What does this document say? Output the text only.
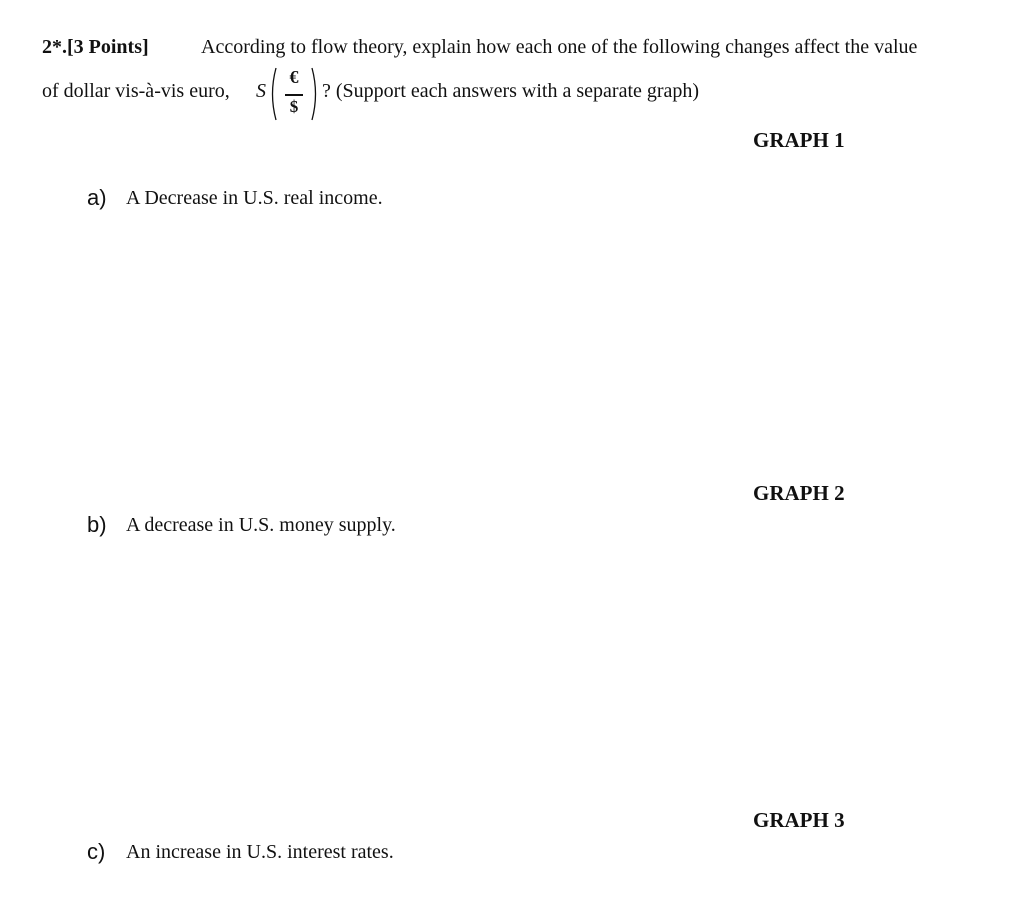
2*.[3 Points]	According to flow theory, explain how each one of the following changes affect the value
of dollar vis-à-vis euro, S
€
$
? (Support each answers with a separate graph)
GRAPH 1
a) A Decrease in U.S. real income.
GRAPH 2
b) A decrease in U.S. money supply.
GRAPH 3
c) An increase in U.S. interest rates.
